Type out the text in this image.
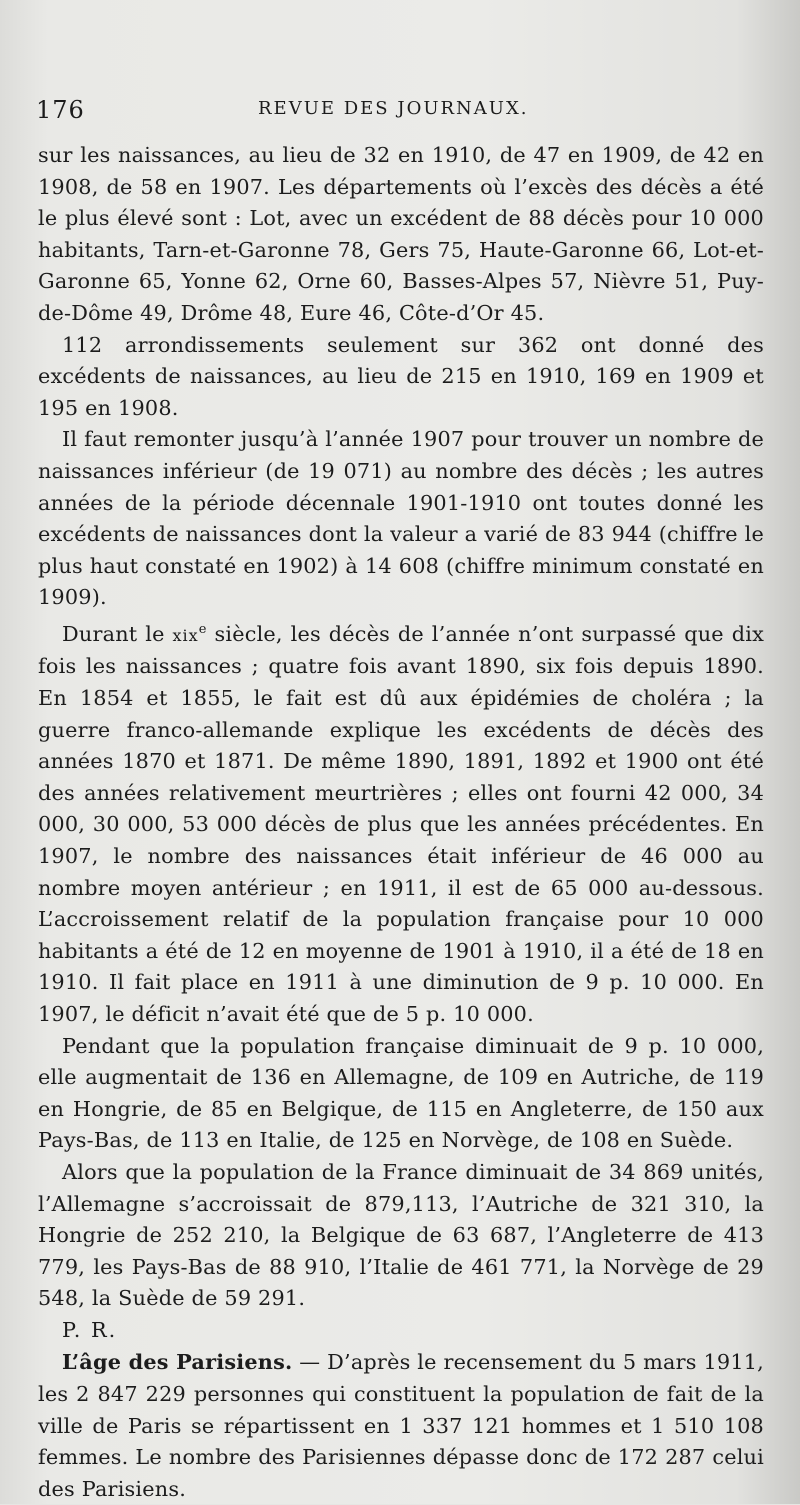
176	REVUE DES JOURNAUX.

sur les naissances, au lieu de 32 en 1910, de 47 en 1909, de 42 en 1908, de 58 en 1907. Les départements où l’excès des décès a été le plus élevé sont : Lot, avec un excédent de 88 décès pour 10 000 habitants, Tarn-et-Garonne 78, Gers 75, Haute-Garonne 66, Lot-et-Garonne 65, Yonne 62, Orne 60, Basses-Alpes 57, Nièvre 51, Puy-de-Dôme 49, Drôme 48, Eure 46, Côte-d’Or 45.

112 arrondissements seulement sur 362 ont donné des excédents de naissances, au lieu de 215 en 1910, 169 en 1909 et 195 en 1908.

Il faut remonter jusqu’à l’année 1907 pour trouver un nombre de naissances inférieur (de 19 071) au nombre des décès ; les autres années de la période décennale 1901-1910 ont toutes donné les excédents de naissances dont la valeur a varié de 83 944 (chiffre le plus haut constaté en 1902) à 14 608 (chiffre minimum constaté en 1909).

Durant le xix$^e$ siècle, les décès de l’année n’ont surpassé que dix fois les naissances ; quatre fois avant 1890, six fois depuis 1890. En 1854 et 1855, le fait est dû aux épidémies de choléra ; la guerre franco-allemande explique les excédents de décès des années 1870 et 1871. De même 1890, 1891, 1892 et 1900 ont été des années relativement meurtrières ; elles ont fourni 42 000, 34 000, 30 000, 53 000 décès de plus que les années précédentes. En 1907, le nombre des naissances était inférieur de 46 000 au nombre moyen antérieur ; en 1911, il est de 65 000 au-dessous. L’accroissement relatif de la population française pour 10 000 habitants a été de 12 en moyenne de 1901 à 1910, il a été de 18 en 1910. Il fait place en 1911 à une diminution de 9 p. 10 000. En 1907, le déficit n’avait été que de 5 p. 10 000.

Pendant que la population française diminuait de 9 p. 10 000, elle augmentait de 136 en Allemagne, de 109 en Autriche, de 119 en Hongrie, de 85 en Belgique, de 115 en Angleterre, de 150 aux Pays-Bas, de 113 en Italie, de 125 en Norvège, de 108 en Suède.

Alors que la population de la France diminuait de 34 869 unités, l’Allemagne s’accroissait de 879,113, l’Autriche de 321 310, la Hongrie de 252 210, la Belgique de 63 687, l’Angleterre de 413 779, les Pays-Bas de 88 910, l’Italie de 461 771, la Norvège de 29 548, la Suède de 59 291.

P. R.

L’âge des Parisiens. — D’après le recensement du 5 mars 1911, les 2 847 229 personnes qui constituent la population de fait de la ville de Paris se répartissent en 1 337 121 hommes et 1 510 108 femmes. Le nombre des Parisiennes dépasse donc de 172 287 celui des Parisiens.
